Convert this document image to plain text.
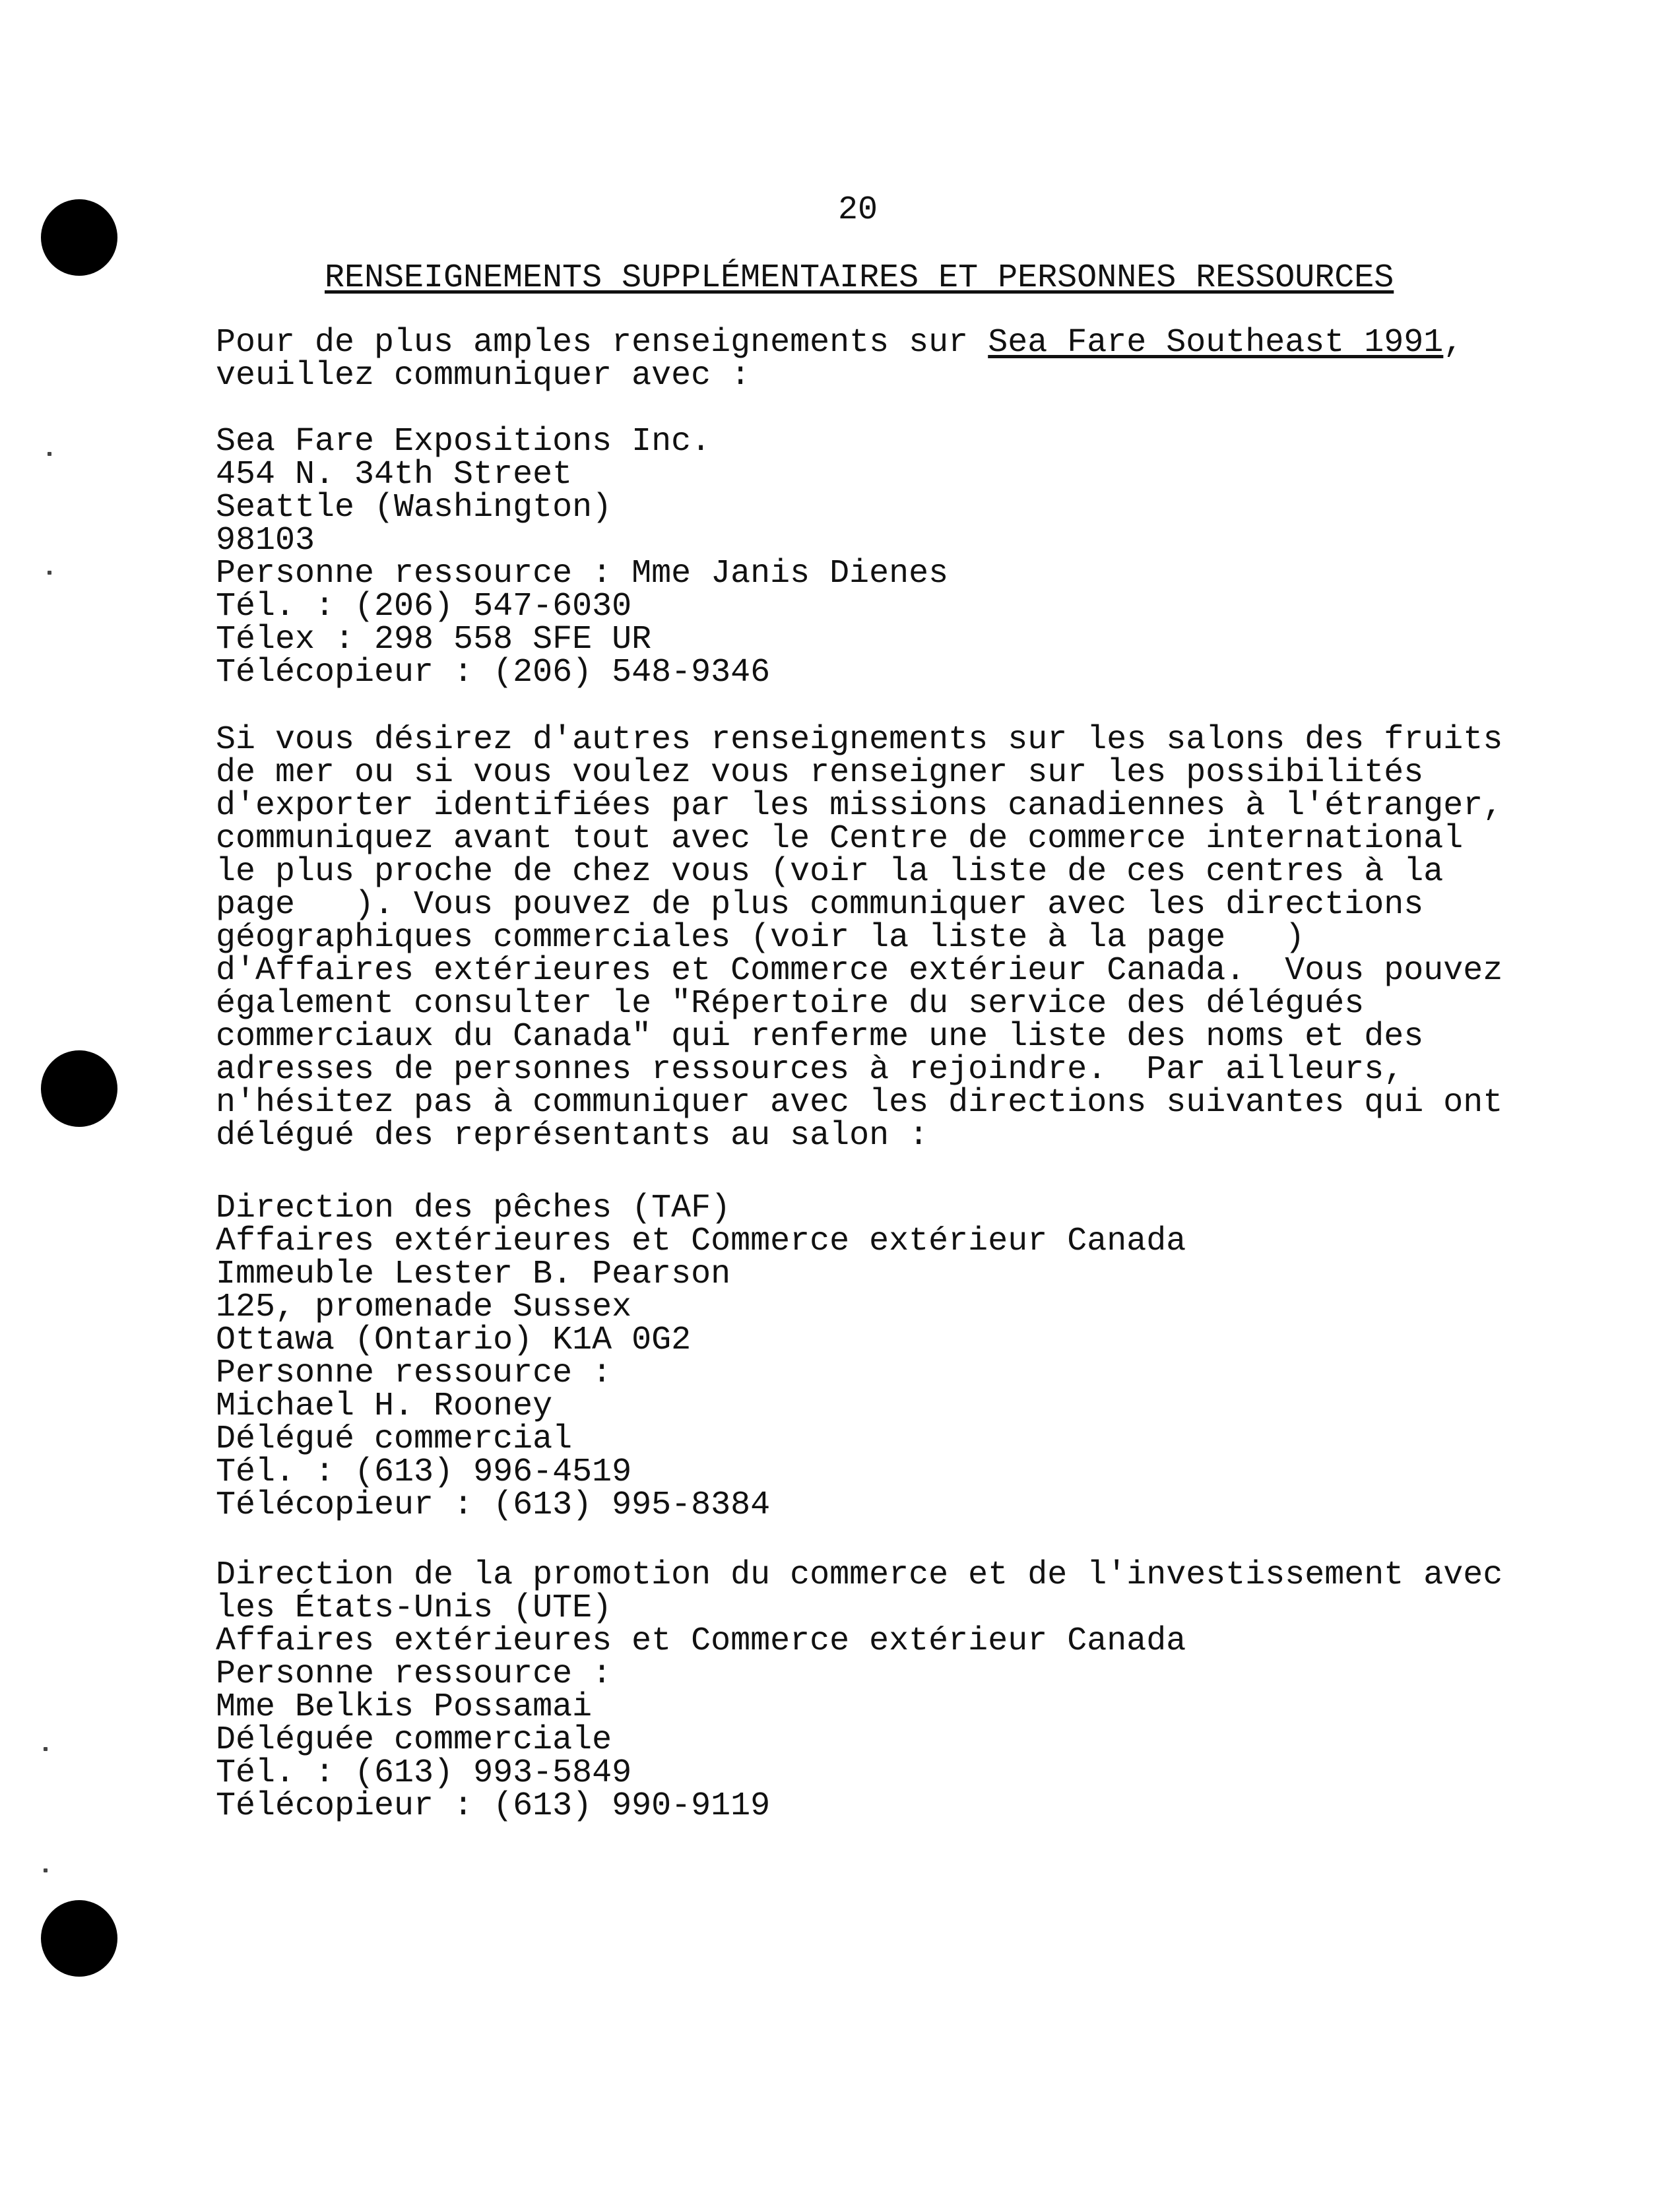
20
RENSEIGNEMENTS SUPPLÉMENTAIRES ET PERSONNES RESSOURCES
Pour de plus amples renseignements sur Sea Fare Southeast 1991,
veuillez communiquer avec :
Sea Fare Expositions Inc.
454 N. 34th Street
Seattle (Washington)
98103
Personne ressource : Mme Janis Dienes
Tél. : (206) 547-6030
Télex : 298 558 SFE UR
Télécopieur : (206) 548-9346
Si vous désirez d'autres renseignements sur les salons des fruits
de mer ou si vous voulez vous renseigner sur les possibilités
d'exporter identifiées par les missions canadiennes à l'étranger,
communiquez avant tout avec le Centre de commerce international
le plus proche de chez vous (voir la liste de ces centres à la
page   ). Vous pouvez de plus communiquer avec les directions
géographiques commerciales (voir la liste à la page   )
d'Affaires extérieures et Commerce extérieur Canada.  Vous pouvez
également consulter le "Répertoire du service des délégués
commerciaux du Canada" qui renferme une liste des noms et des
adresses de personnes ressources à rejoindre.  Par ailleurs,
n'hésitez pas à communiquer avec les directions suivantes qui ont
délégué des représentants au salon :
Direction des pêches (TAF)
Affaires extérieures et Commerce extérieur Canada
Immeuble Lester B. Pearson
125, promenade Sussex
Ottawa (Ontario) K1A 0G2
Personne ressource :
Michael H. Rooney
Délégué commercial
Tél. : (613) 996-4519
Télécopieur : (613) 995-8384
Direction de la promotion du commerce et de l'investissement avec
les États-Unis (UTE)
Affaires extérieures et Commerce extérieur Canada
Personne ressource :
Mme Belkis Possamai
Déléguée commerciale
Tél. : (613) 993-5849
Télécopieur : (613) 990-9119
